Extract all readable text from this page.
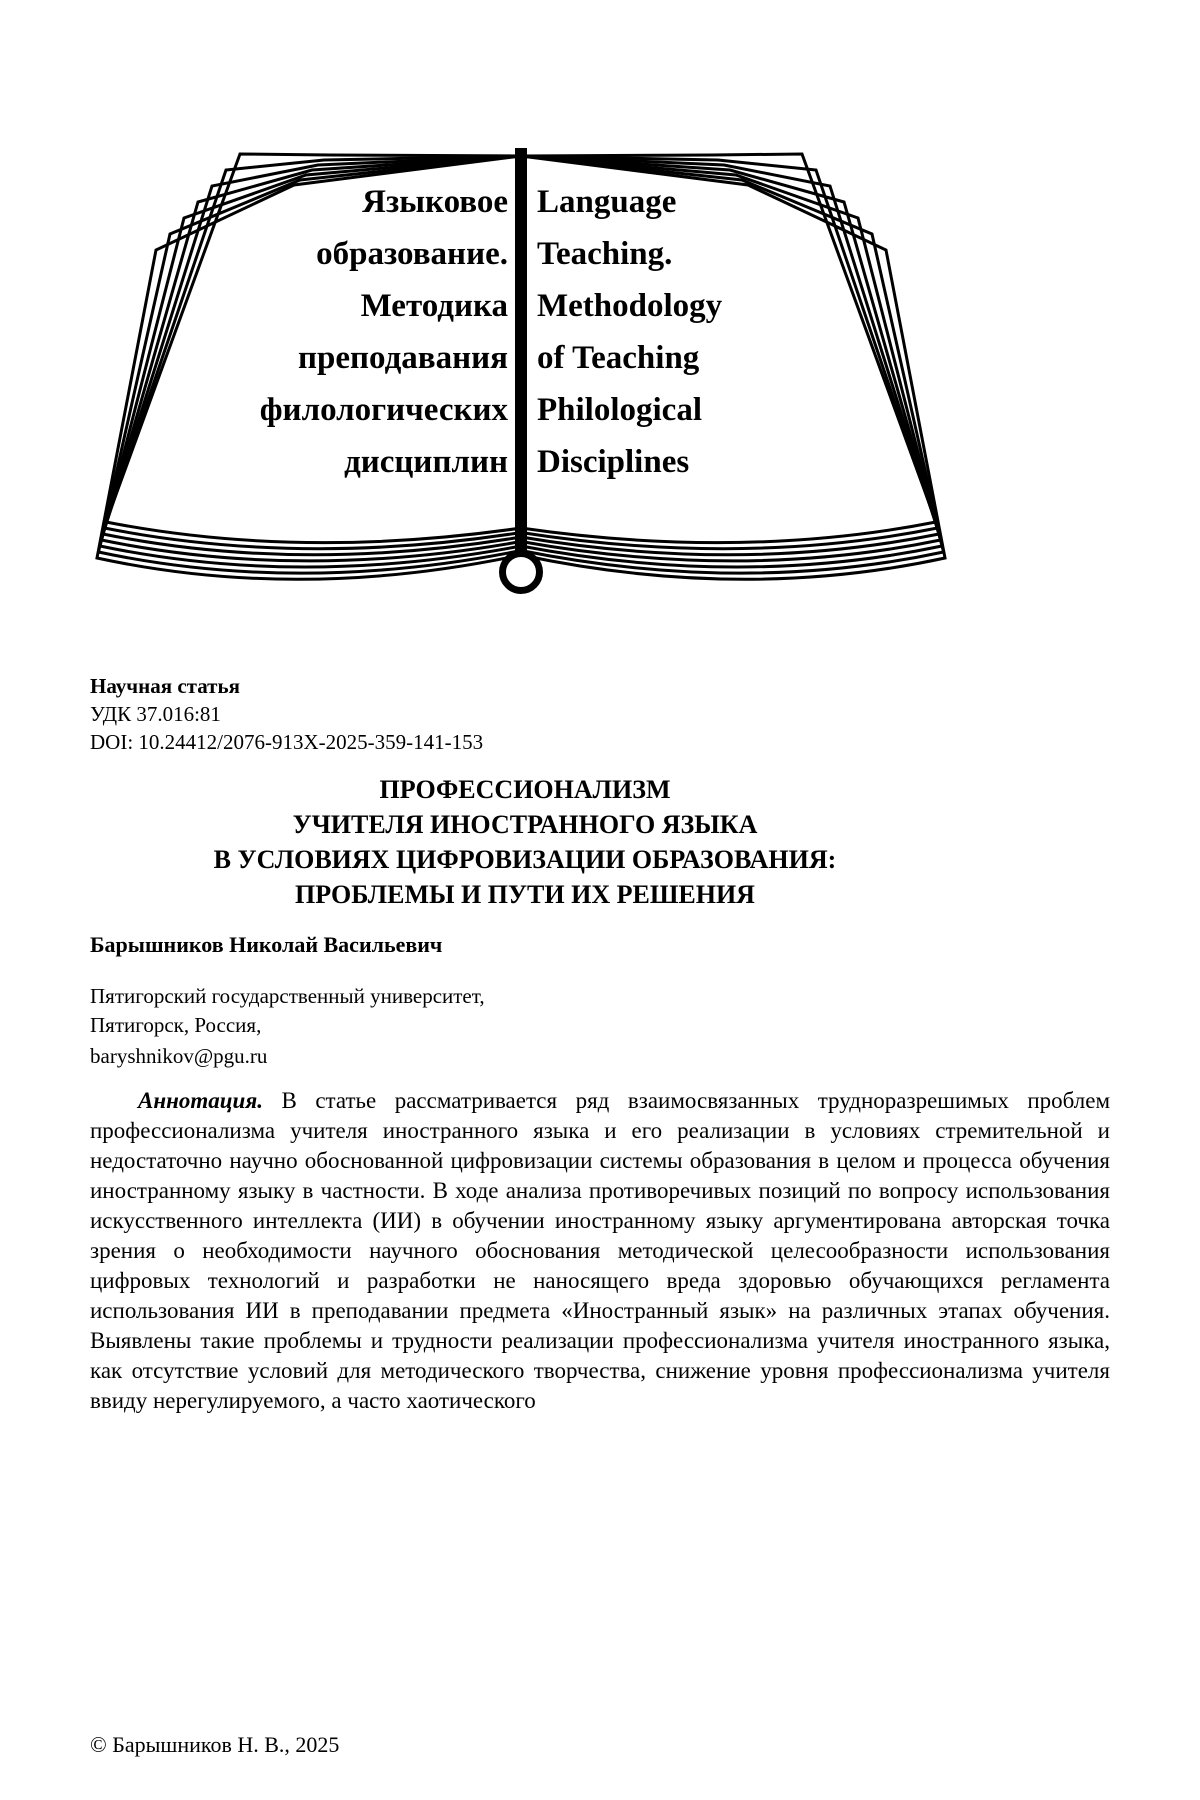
Языковое
образование.
Методика
преподавания
филологических
дисциплин
Language
Teaching.
Methodology
of Teaching
Philological
Disciplines
Научная статья
УДК 37.016:81
DOI: 10.24412/2076-913X-2025-359-141-153
ПРОФЕССИОНАЛИЗМ
УЧИТЕЛЯ ИНОСТРАННОГО ЯЗЫКА
В УСЛОВИЯХ ЦИФРОВИЗАЦИИ ОБРАЗОВАНИЯ:
ПРОБЛЕМЫ И ПУТИ ИХ РЕШЕНИЯ
Барышников Николай Васильевич
Пятигорский государственный университет,
Пятигорск, Россия,
baryshnikov@pgu.ru

Аннотация. В статье рассматривается ряд взаимосвязанных трудноразрешимых проблем профессионализма учителя иностранного языка и его реализации в условиях стремительной и недостаточно научно обоснованной цифровизации системы образования в целом и процесса обучения иностранному языку в частности. В ходе анализа противоречивых позиций по вопросу использования искусственного интеллекта (ИИ) в обучении иностранному языку аргументирована авторская точка зрения о необходимости научного обоснования методической целесообразности использования цифровых технологий и разработки не наносящего вреда здоровью обучающихся регламента использования ИИ в преподавании предмета «Иностранный язык» на различных этапах обучения. Выявлены такие проблемы и трудности реализации профессионализма учителя иностранного языка, как отсутствие условий для методического творчества, снижение уровня профессионализма учителя ввиду нерегулируемого, а часто хаотического

© Барышников Н. В., 2025
